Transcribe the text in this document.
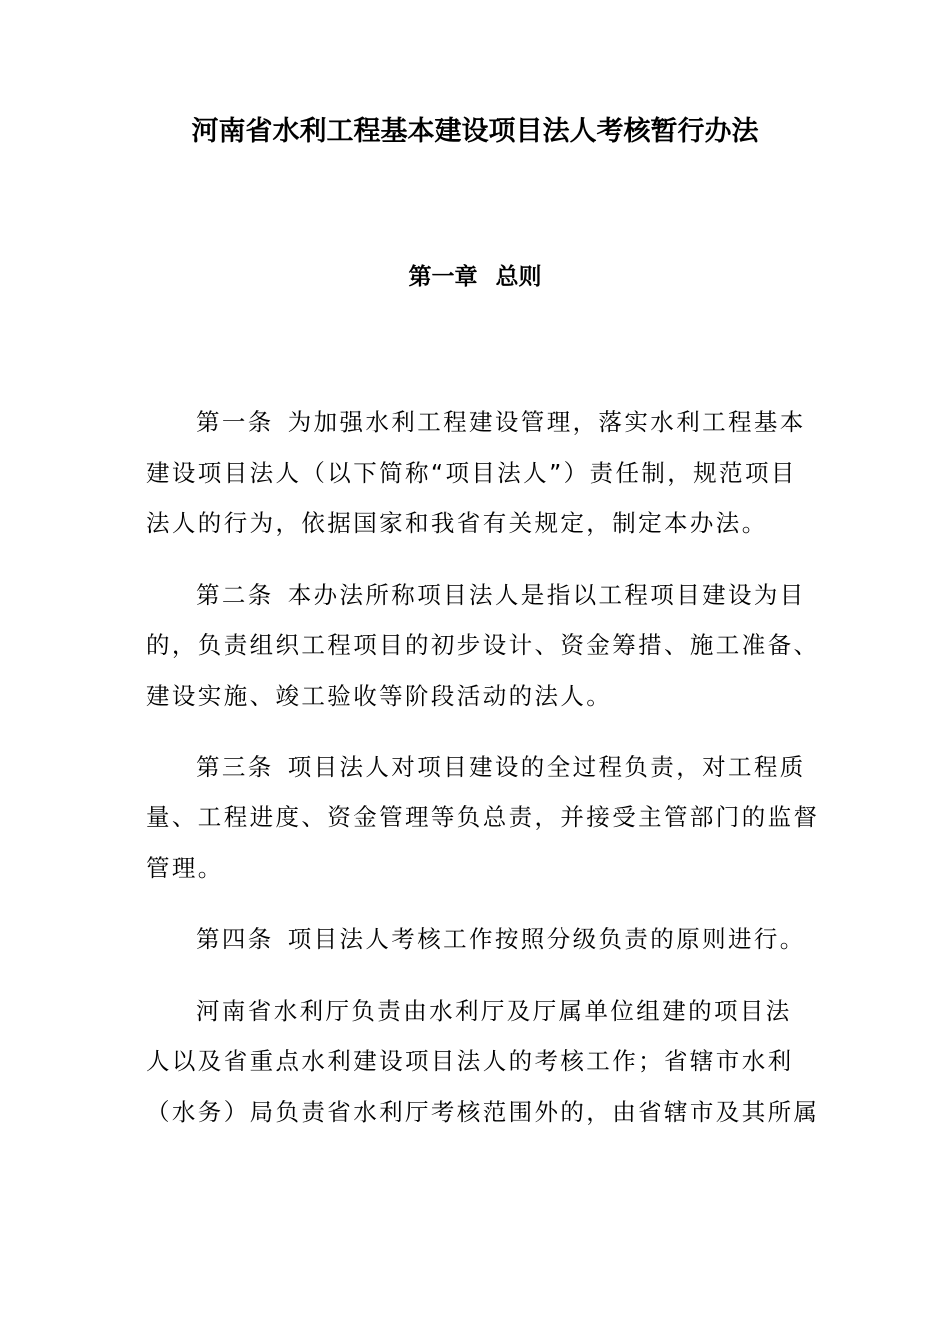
河南省水利工程基本建设项目法人考核暂行办法
第一章 总则
第一条 为加强水利工程建设管理，落实水利工程基本
建设项目法人（以下简称“项目法人”）责任制，规范项目
法人的行为，依据国家和我省有关规定，制定本办法。
第二条 本办法所称项目法人是指以工程项目建设为目
的，负责组织工程项目的初步设计、资金筹措、施工准备、
建设实施、竣工验收等阶段活动的法人。
第三条 项目法人对项目建设的全过程负责，对工程质
量、工程进度、资金管理等负总责，并接受主管部门的监督
管理。
第四条 项目法人考核工作按照分级负责的原则进行。
河南省水利厅负责由水利厅及厅属单位组建的项目法
人以及省重点水利建设项目法人的考核工作；省辖市水利
（水务）局负责省水利厅考核范围外的，由省辖市及其所属
